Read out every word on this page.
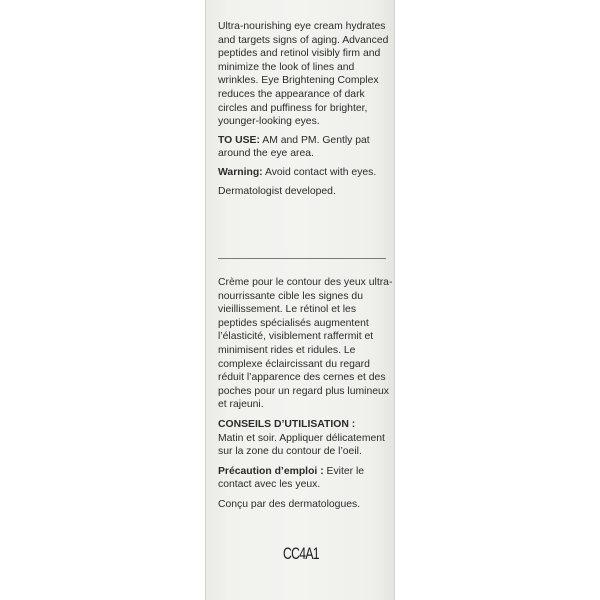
Ultra-nourishing eye cream hydrates and targets signs of aging. Advanced peptides and retinol visibly firm and minimize the look of lines and wrinkles. Eye Brightening Complex reduces the appearance of dark circles and puffiness for brighter, younger-looking eyes.

TO USE: AM and PM. Gently pat around the eye area.

Warning: Avoid contact with eyes.

Dermatologist developed.

Crème pour le contour des yeux ultra-nourrissante cible les signes du vieillissement. Le rétinol et les peptides spécialisés augmentent l’élasticité, visiblement raffermit et minimisent rides et ridules. Le complexe éclaircissant du regard réduit l’apparence des cernes et des poches pour un regard plus lumineux et rajeuni.

CONSEILS D’UTILISATION :
Matin et soir. Appliquer délicatement sur la zone du contour de l’oeil.

Précaution d’emploi : Eviter le contact avec les yeux.

Conçu par des dermatologues.

CC4A1
